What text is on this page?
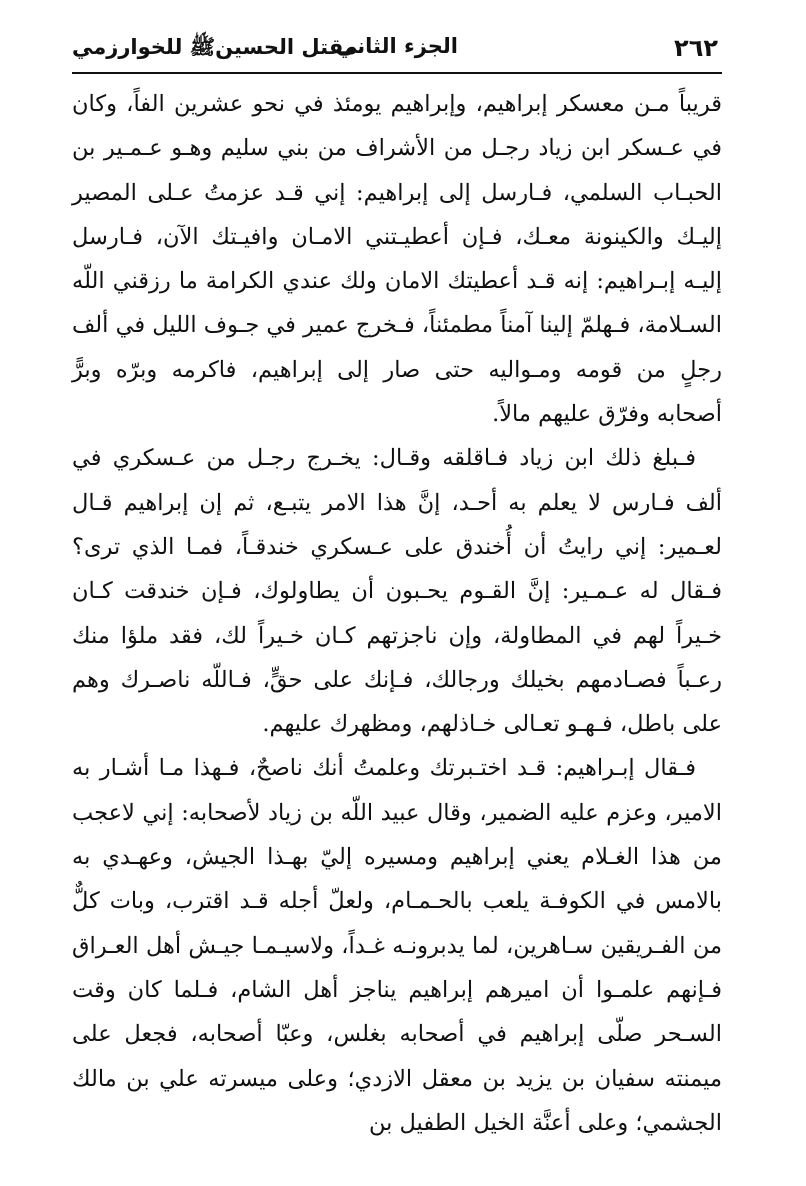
٢٦٢
الجزء الثاني
مقتل الحسينﷺ للخوارزمي

قريباً مـن معسكر إبراهيم، وإبراهيم يومئذ في نحو عشرين الفاً، وكان في عـسكر ابن زياد رجـل من الأشراف من بني سليم وهـو عـمـير بن الحبـاب السلمي، فـارسل إلى إبراهيم: إني قـد عزمتُ عـلى المصير إليـك والكينونة معـك، فـإن أعطيـتني الامـان وافيـتك الآن، فـارسل إليـه إبـراهيم: إنه قـد أعطيتك الامان ولك عندي الكرامة ما رزقني اللّه السـلامة، فـهلمّ إلينا آمناً مطمئناً، فـخرج عمير في جـوف الليل في ألف رجلٍ من قومه ومـواليه حتى صار إلى إبراهيم، فاكرمه وبرّه وبرًّ أصحابه وفرّق عليهم مالاً.

فـبلغ ذلك ابن زياد فـاقلقه وقـال: يخـرج رجـل من عـسكري في ألف فـارس لا يعلم به أحـد، إنَّ هذا الامر يتبـع، ثم إن إبراهيم قـال لعـمير: إني رايتُ أن أُخندق على عـسكري خندقـاً، فمـا الذي ترى؟ فـقال له عـمـير: إنَّ القـوم يحـبون أن يطاولوك، فـإن خندقت كـان خـيراً لهم في المطاولة، وإن ناجزتهم كـان خـيراً لك، فقد ملؤا منك رعـباً فصـادمهم بخيلك ورجالك، فـإنك على حقٍّ، فـاللّه ناصـرك وهم على باطل، فـهـو تعـالى خـاذلهم، ومظهرك عليهم.

فـقال إبـراهيم: قـد اختـبرتك وعلمتُ أنك ناصحٌ، فـهذا مـا أشـار به الامير، وعزم عليه الضمير، وقال عبيد اللّه بن زياد لأصحابه: إني لاعجب من هذا الغـلام يعني إبراهيم ومسيره إليّ بهـذا الجيش، وعهـدي به بالامس في الكوفـة يلعب بالحـمـام، ولعلّ أجله قـد اقترب، وبات كلٌّ من الفـريقين سـاهرين، لما يدبرونـه غـداً، ولاسيـمـا جيـش أهل العـراق فـإنهم علمـوا أن اميرهم إبراهيم يناجز أهل الشام، فـلما كان وقت السـحر صلّى إبراهيم في أصحابه بغلس، وعبّا أصحابه، فجعل على ميمنته سفيان بن يزيد بن معقل الازدي؛ وعلى ميسرته علي بن مالك الجشمي؛ وعلى أعنَّة الخيل الطفيل بن
